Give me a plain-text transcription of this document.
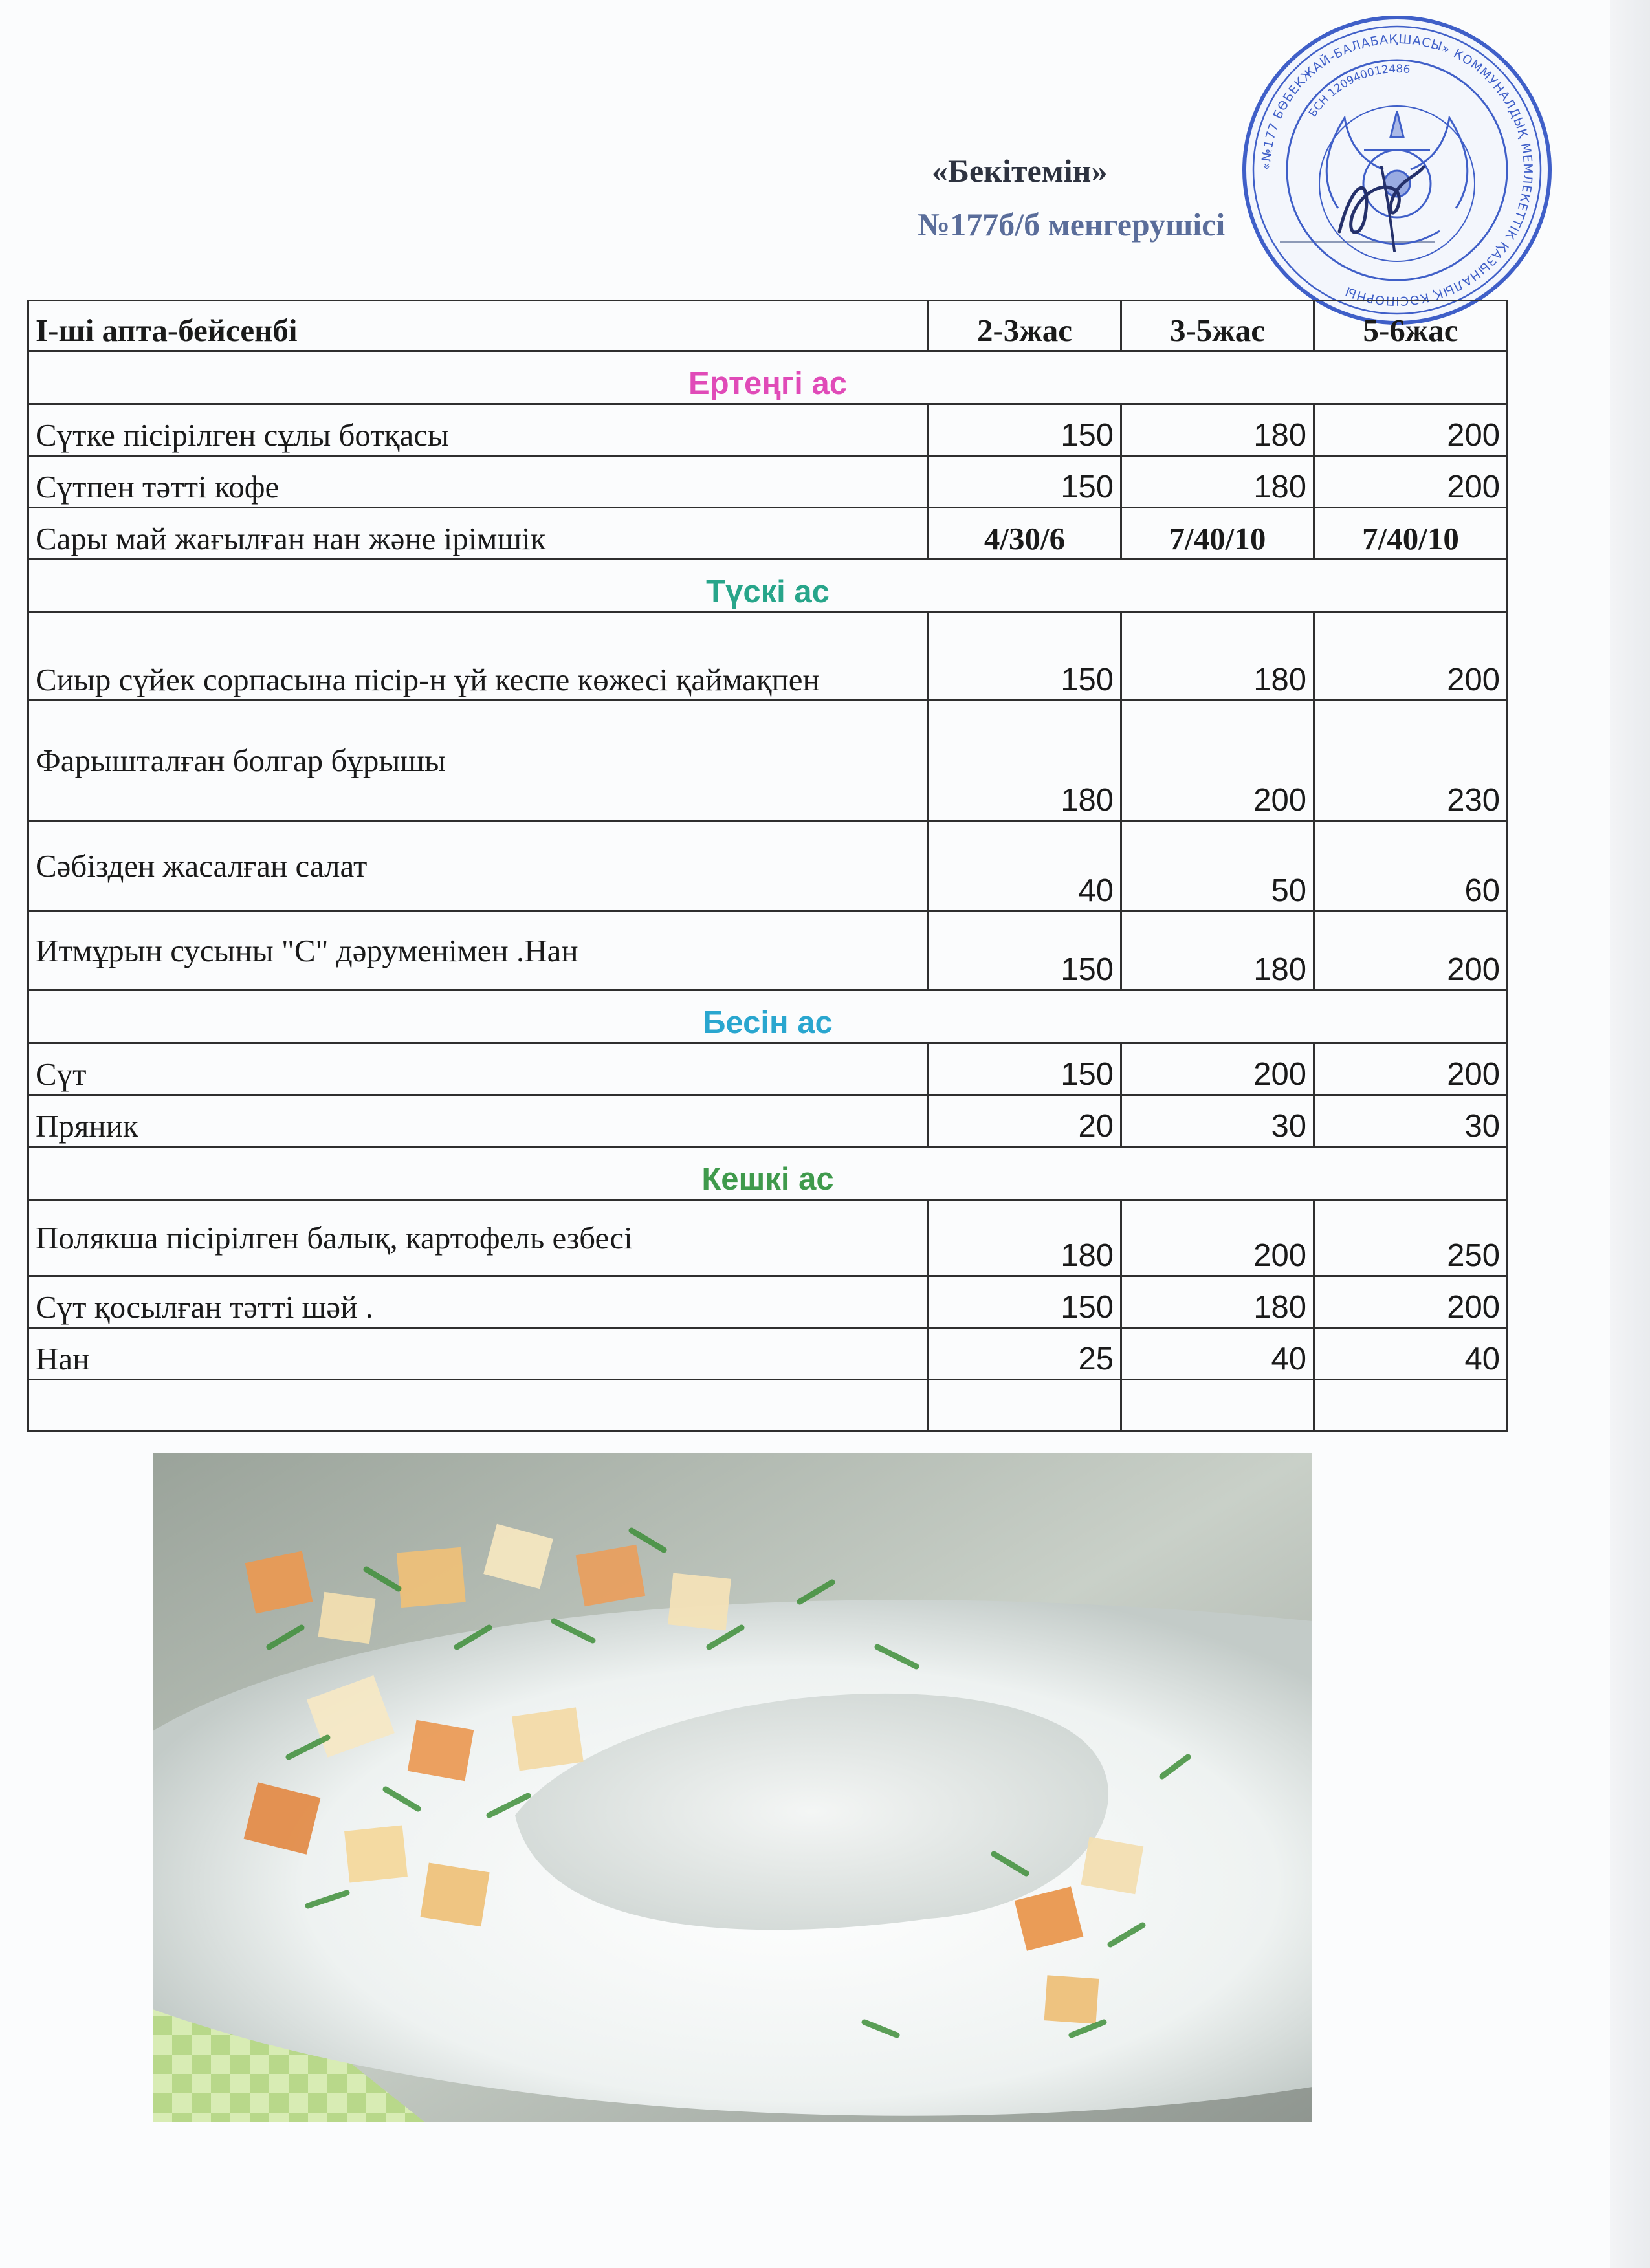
«Бекітемін»
№177б/б менгерушісі
«№177 БӨБЕКЖАЙ-БАЛАБАҚШАСЫ» КОММУНАЛДЫҚ МЕМЛЕКЕТТІК ҚАЗЫНАЛЫҚ КӘСІПОРНЫ
БСН 120940012486
І-ші апта-бейсенбі	2-3жас	3-5жас	5-6жас
Ертеңгі ас			
Сүтке пісірілген сұлы ботқасы	150	180	200
Сүтпен тәтті кофе	150	180	200
Сары май жағылған нан және ірімшік	4/30/6	7/40/10	7/40/10
Түскі ас			
Сиыр сүйек сорпасына пісір-н үй кеспе көжесі қаймақпен	150	180	200
Фарышталған болгар бұрышы	180	200	230
Сәбізден жасалған салат	40	50	60
Итмұрын сусыны "С" дәруменімен .Нан	150	180	200
Бесін ас			
Сүт	150	200	200
Пряник	20	30	30
Кешкі ас			
Полякша пісірілген балық, картофель езбесі	180	200	250
Сүт қосылған тәтті шәй .	150	180	200
Нан	25	40	40
